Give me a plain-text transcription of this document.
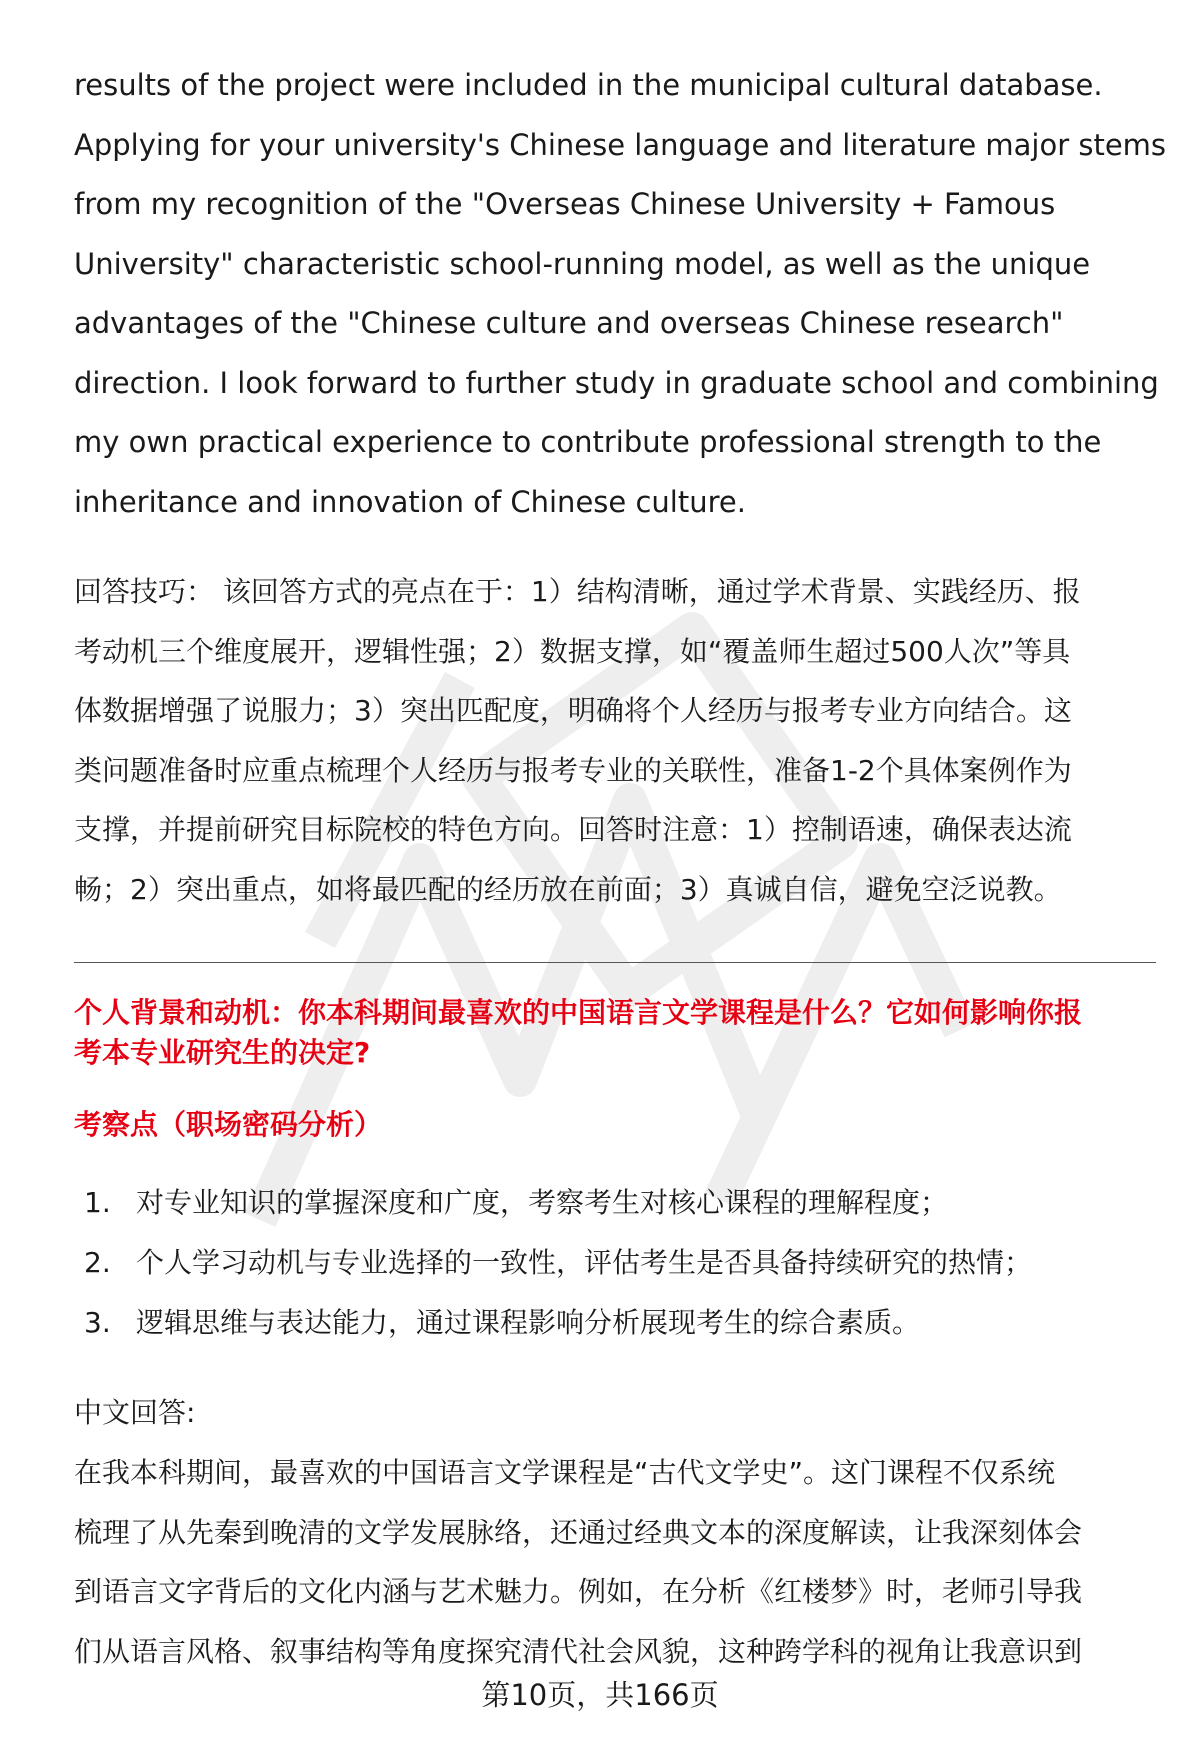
results of the project were included in the municipal cultural database.

Applying for your university's Chinese language and literature major stems

from my recognition of the "Overseas Chinese University + Famous

University" characteristic school-running model, as well as the unique

advantages of the "Chinese culture and overseas Chinese research"

direction. I look forward to further study in graduate school and combining

my own practical experience to contribute professional strength to the

inheritance and innovation of Chinese culture.

回答技巧： 该回答方式的亮点在于：1）结构清晰，通过学术背景、实践经历、报

考动机三个维度展开，逻辑性强；2）数据支撑，如“覆盖师生超过500人次”等具

体数据增强了说服力；3）突出匹配度，明确将个人经历与报考专业方向结合。这

类问题准备时应重点梳理个人经历与报考专业的关联性，准备1-2个具体案例作为

支撑，并提前研究目标院校的特色方向。回答时注意：1）控制语速，确保表达流

畅；2）突出重点，如将最匹配的经历放在前面；3）真诚自信，避免空泛说教。

个人背景和动机：你本科期间最喜欢的中国语言文学课程是什么？它如何影响你报

考本专业研究生的决定?

考察点（职场密码分析）
1. 对专业知识的掌握深度和广度，考察考生对核心课程的理解程度；
2. 个人学习动机与专业选择的一致性，评估考生是否具备持续研究的热情；
3. 逻辑思维与表达能力，通过课程影响分析展现考生的综合素质。
中文回答:

在我本科期间，最喜欢的中国语言文学课程是“古代文学史”。这门课程不仅系统

梳理了从先秦到晚清的文学发展脉络，还通过经典文本的深度解读，让我深刻体会

到语言文字背后的文化内涵与艺术魅力。例如，在分析《红楼梦》时，老师引导我

们从语言风格、叙事结构等角度探究清代社会风貌，这种跨学科的视角让我意识到

第10页，共166页
